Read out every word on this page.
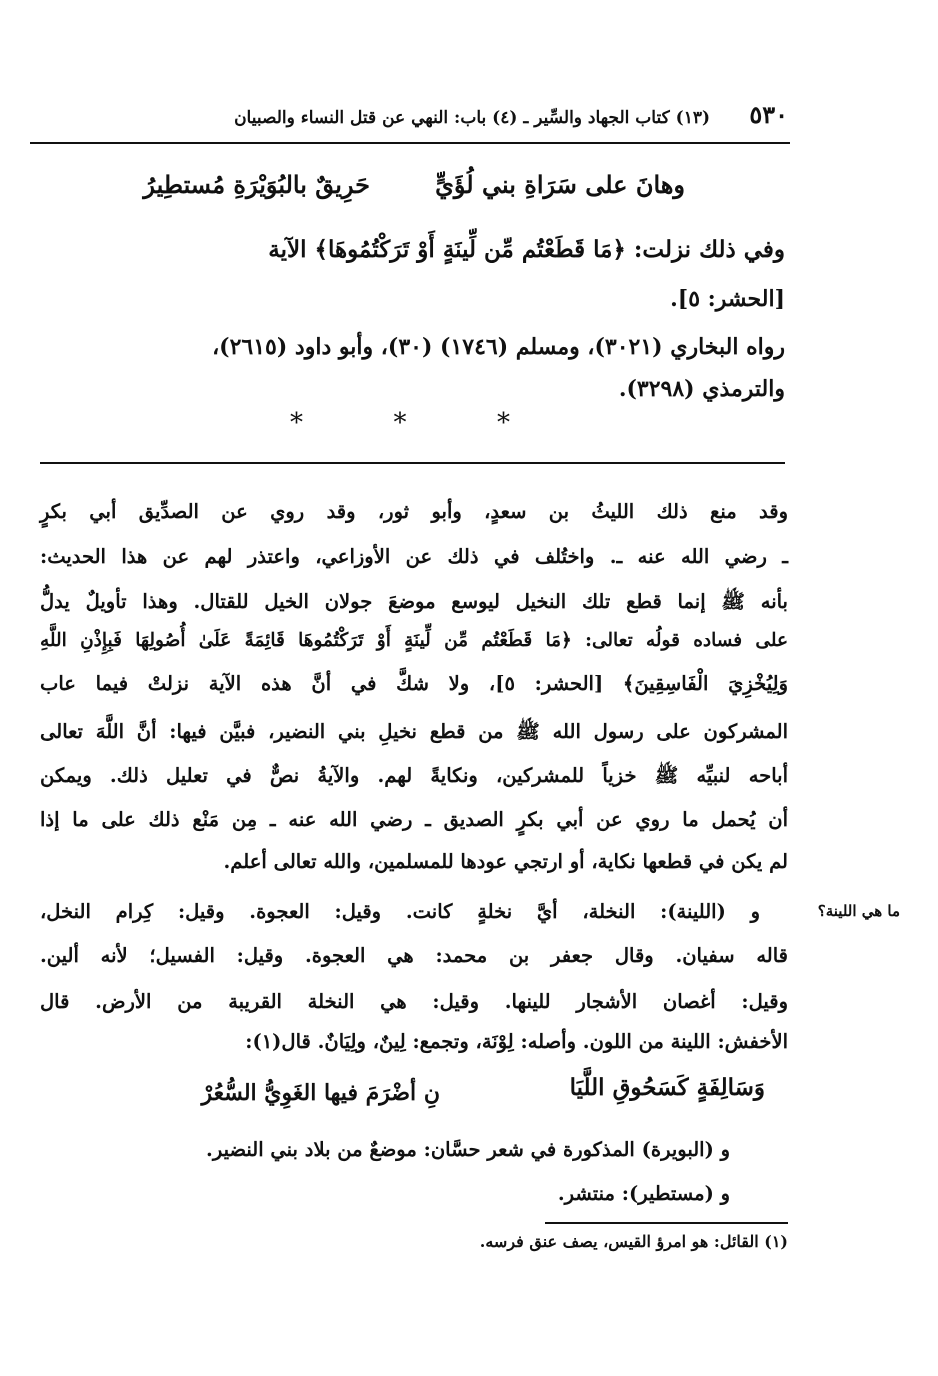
٥٣٠
(١٣) كتاب الجهاد والسِّير ـ (٤) باب: النهي عن قتل النساء والصبيان
وهانَ على سَرَاةِ بني لُؤَيٍّ
حَرِيقٌ بالبُوَيْرَةِ مُستطِيرُ
وفي ذلك نزلت: ﴿مَا قَطَعْتُم مِّن لِّينَةٍ أَوْ تَرَكْتُمُوهَا﴾ الآية
[الحشر: ٥].
رواه البخاري (٣٠٢١)، ومسلم (١٧٤٦) (٣٠)، وأبو داود (٢٦١٥)،
والترمذي (٣٢٩٨).
*	*	*
وقد منع ذلك الليثُ بن سعدٍ، وأبو ثور، وقد روي عن الصدِّيق أبي بكرٍ
ـ رضي الله عنه ـ. واختُلف في ذلك عن الأوزاعي، واعتذر لهم عن هذا الحديث:
بأنه ﷺ إنما قطع تلك النخيل ليوسع موضعَ جولان الخيل للقتال. وهذا تأويلٌ يدلُّ
على فساده قولُه تعالى: ﴿مَا قَطَعْتُم مِّن لِّينَةٍ أَوْ تَرَكْتُمُوهَا قَائِمَةً عَلَىٰ أُصُولِهَا فَبِإِذْنِ اللَّهِ
وَلِيُخْزِيَ الْفَاسِقِينَ﴾ [الحشر: ٥]، ولا شكَّ في أنَّ هذه الآية نزلتْ فيما عاب
المشركون على رسول الله ﷺ من قطع نخيلِ بني النضير، فبيَّن فيها: أنَّ اللَّهَ تعالى
أباحه لنبيِّه ﷺ خزياً للمشركين، ونكايةً لهم. والآيةُ نصٌّ في تعليل ذلك. ويمكن
أن يُحمل ما روي عن أبي بكرٍ الصديق ـ رضي الله عنه ـ مِن مَنْع ذلك على ما إذا
لم يكن في قطعها نكاية، أو ارتجي عودها للمسلمين، والله تعالى أعلم.
ما هي اللينة؟
و (اللينة): النخلة، أيَّ نخلةٍ كانت. وقيل: العجوة. وقيل: كِرام النخل،
قاله سفيان. وقال جعفر بن محمد: هي العجوة. وقيل: الفسيل؛ لأنه ألين.
وقيل: أغصان الأشجار للينها. وقيل: هي النخلة القريبة من الأرض. قال
الأخفش: اللينة من اللون. وأصله: لِوْنَة، وتجمع: لِينٌ، ولِيَانٌ. قال(١):
وَسَالِفَةٍ كَسَحُوقِ اللَّيَا
نِ أضْرَمَ فيها الغَوِيُّ السُّعُرْ
و (البويرة) المذكورة في شعر حسَّان: موضعٌ من بلاد بني النضير.
و (مستطير): منتشر.
(١) القائل: هو امرؤ القيس، يصف عنق فرسه.
